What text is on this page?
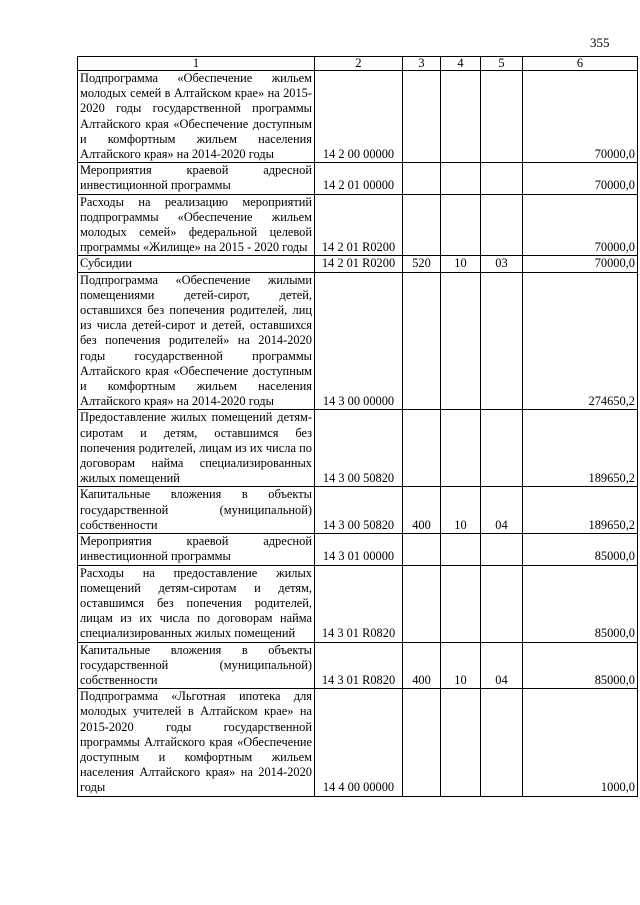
355
1	2	3	4	5	6
Подпрограмма «Обеспечение жильем молодых семей в Алтайском крае» на 2015-2020 годы государственной программы Алтайского края «Обеспечение доступным и комфортным жильем населения Алтайского края» на 2014-2020 годы	14 2 00 00000				70000,0
Мероприятия краевой адресной инвестиционной программы	14 2 01 00000				70000,0
Расходы на реализацию мероприятий подпрограммы «Обеспечение жильем молодых семей» федеральной целевой программы «Жилище» на 2015 - 2020 годы	14 2 01 R0200				70000,0
Субсидии	14 2 01 R0200	520	10	03	70000,0
Подпрограмма «Обеспечение жилыми помещениями детей-сирот, детей, оставшихся без попечения родителей, лиц из числа детей-сирот и детей, оставшихся без попечения родителей» на 2014-2020 годы государственной программы Алтайского края «Обеспечение доступным и комфортным жильем населения Алтайского края» на 2014-2020 годы	14 3 00 00000				274650,2
Предоставление жилых помещений детям-сиротам и детям, оставшимся без попечения родителей, лицам из их числа по договорам найма специализированных жилых помещений	14 3 00 50820				189650,2
Капитальные вложения в объекты государственной (муниципальной) собственности	14 3 00 50820	400	10	04	189650,2
Мероприятия краевой адресной инвестиционной программы	14 3 01 00000				85000,0
Расходы на предоставление жилых помещений детям-сиротам и детям, оставшимся без попечения родителей, лицам из их числа по договорам найма специализированных жилых помещений	14 3 01 R0820				85000,0
Капитальные вложения в объекты государственной (муниципальной) собственности	14 3 01 R0820	400	10	04	85000,0
Подпрограмма «Льготная ипотека для молодых учителей в Алтайском крае» на 2015-2020 годы государственной программы Алтайского края «Обеспечение доступным и комфортным жильем населения Алтайского края» на 2014-2020 годы	14 4 00 00000				1000,0
